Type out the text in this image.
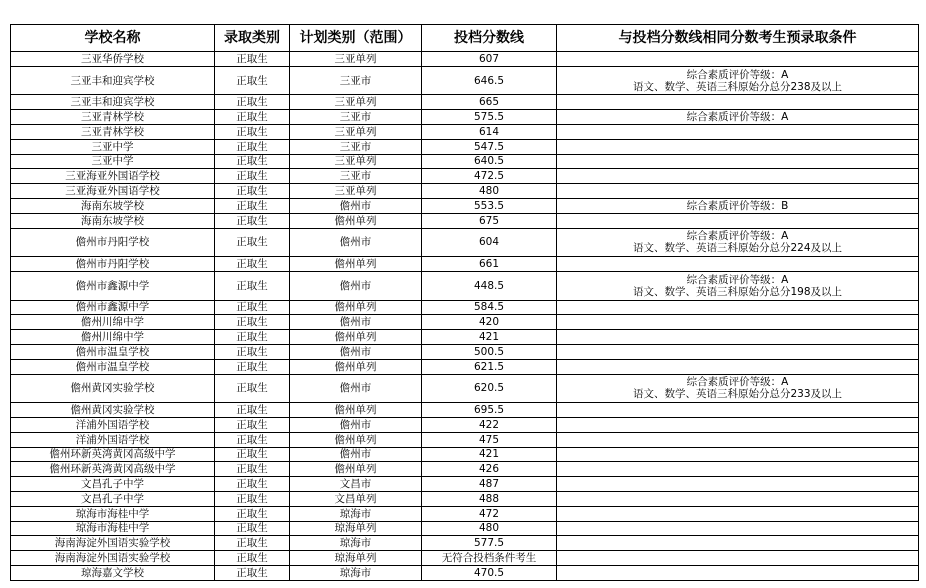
学校名称	录取类别	计划类别（范围）	投档分数线	与投档分数线相同分数考生预录取条件
三亚华侨学校	正取生	三亚单列	607	
三亚丰和迎宾学校	正取生	三亚市	646.5	综合素质评价等级：A
语文、数学、英语三科原始分总分238及以上

三亚丰和迎宾学校	正取生	三亚单列	665	
三亚青林学校	正取生	三亚市	575.5	综合素质评价等级：A

三亚青林学校	正取生	三亚单列	614	
三亚中学	正取生	三亚市	547.5	
三亚中学	正取生	三亚单列	640.5	
三亚海亚外国语学校	正取生	三亚市	472.5	
三亚海亚外国语学校	正取生	三亚单列	480	
海南东坡学校	正取生	儋州市	553.5	综合素质评价等级：B

海南东坡学校	正取生	儋州单列	675	
儋州市丹阳学校	正取生	儋州市	604	综合素质评价等级：A
语文、数学、英语三科原始分总分224及以上

儋州市丹阳学校	正取生	儋州单列	661	
儋州市鑫源中学	正取生	儋州市	448.5	综合素质评价等级：A
语文、数学、英语三科原始分总分198及以上

儋州市鑫源中学	正取生	儋州单列	584.5	
儋州川绵中学	正取生	儋州市	420	
儋州川绵中学	正取生	儋州单列	421	
儋州市温皇学校	正取生	儋州市	500.5	
儋州市温皇学校	正取生	儋州单列	621.5	
儋州黄冈实验学校	正取生	儋州市	620.5	综合素质评价等级：A
语文、数学、英语三科原始分总分233及以上

儋州黄冈实验学校	正取生	儋州单列	695.5	
洋浦外国语学校	正取生	儋州市	422	
洋浦外国语学校	正取生	儋州单列	475	
儋州环新英湾黄冈高级中学	正取生	儋州市	421	
儋州环新英湾黄冈高级中学	正取生	儋州单列	426	
文昌孔子中学	正取生	文昌市	487	
文昌孔子中学	正取生	文昌单列	488	
琼海市海桂中学	正取生	琼海市	472	
琼海市海桂中学	正取生	琼海单列	480	
海南海淀外国语实验学校	正取生	琼海市	577.5	
海南海淀外国语实验学校	正取生	琼海单列	无符合投档条件考生	
琼海嘉文学校	正取生	琼海市	470.5	
